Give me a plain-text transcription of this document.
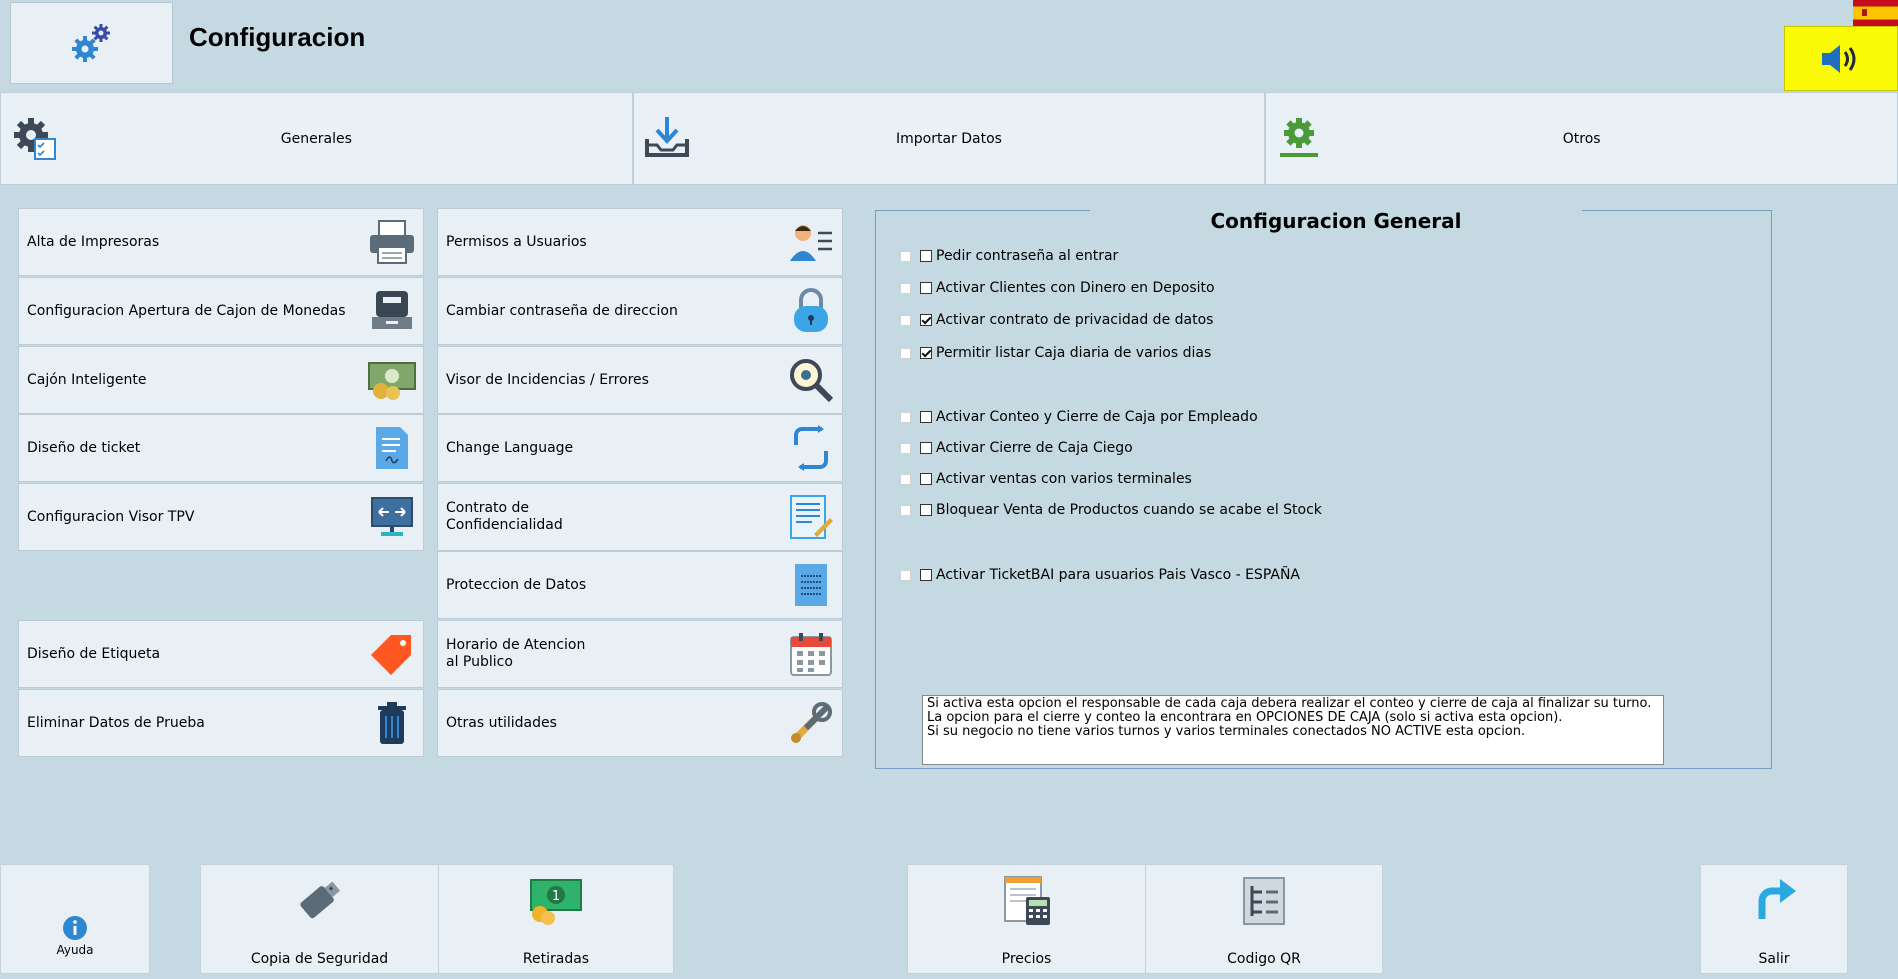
Configuracion
Generales	Importar Datos	Otros
Alta de Impresoras
Configuracion Apertura de Cajon de Monedas
Cajón Inteligente
Diseño de ticket
Configuracion Visor TPV
Diseño de Etiqueta
Eliminar Datos de Prueba
Permisos a Usuarios
Cambiar contraseña de direccion
Visor de Incidencias / Errores
Change Language
Contrato de
Confidencialidad
Proteccion de Datos
Horario de Atencion
al Publico
Otras utilidades
Configuracion General
Pedir contraseña al entrar
Activar Clientes con Dinero en Deposito
Activar contrato de privacidad de datos
Permitir listar Caja diaria de varios dias
Activar Conteo y Cierre de Caja por Empleado
Activar Cierre de Caja Ciego
Activar ventas con varios terminales
Bloquear Venta de Productos cuando se acabe el Stock
Activar TicketBAI para usuarios Pais Vasco - ESPAÑA
Si activa esta opcion el responsable de cada caja debera realizar el conteo y cierre de caja al finalizar su turno.
La opcion para el cierre y conteo la encontrara en OPCIONES DE CAJA (solo si activa esta opcion).
Si su negocio no tiene varios turnos y varios terminales conectados NO ACTIVE esta opcion.
Ayuda
Copia de Seguridad
1
Retiradas	Precios	Codigo QR	Salir
